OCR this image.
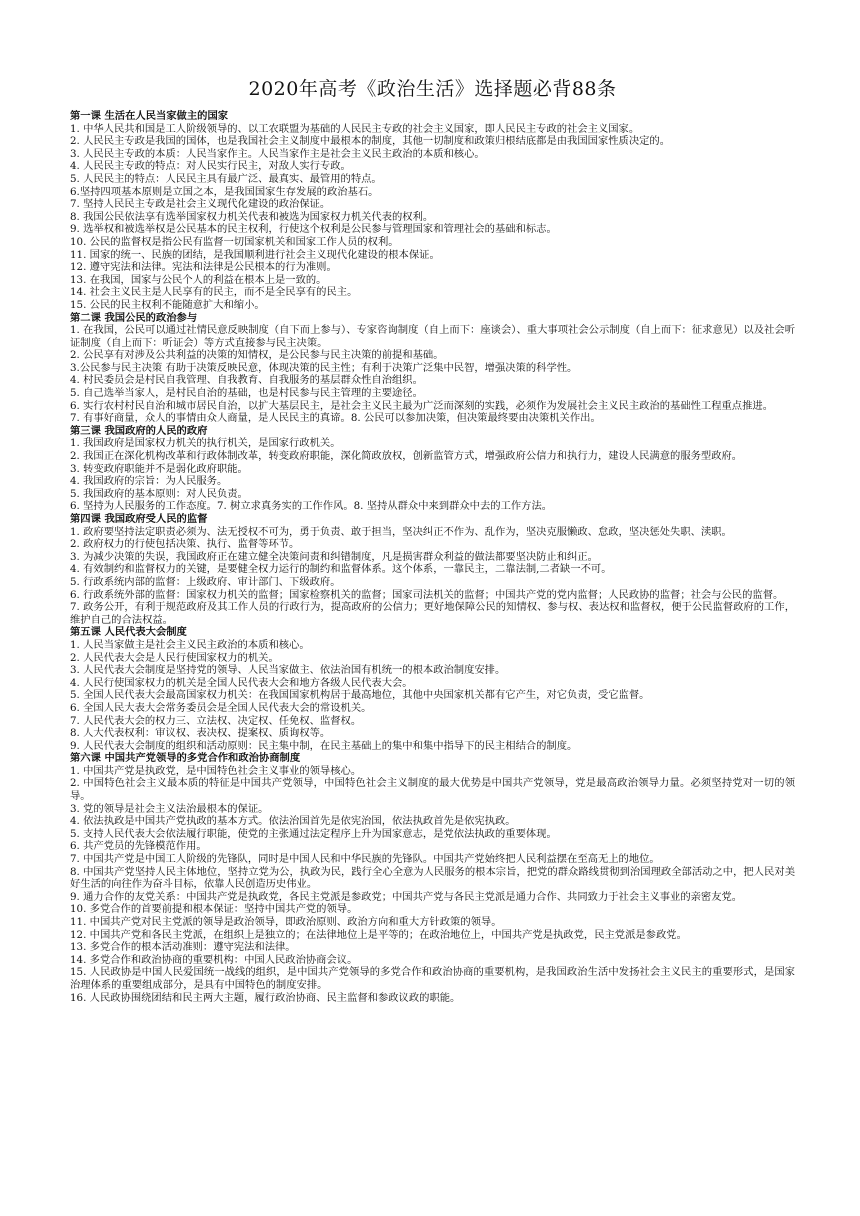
2020年高考《政治生活》选择题必背88条
第一课 生活在人民当家做主的国家
1. 中华人民共和国是工人阶级领导的、以工农联盟为基础的人民民主专政的社会主义国家，即人民民主专政的社会主义国家。
2. 人民民主专政是我国的国体，也是我国社会主义制度中最根本的制度，其他一切制度和政策归根结底都是由我国国家性质决定的。
3. 人民民主专政的本质：人民当家作主。人民当家作主是社会主义民主政治的本质和核心。
4. 人民民主专政的特点：对人民实行民主，对敌人实行专政。
5. 人民民主的特点：人民民主具有最广泛、最真实、最管用的特点。
6.坚持四项基本原则是立国之本，是我国国家生存发展的政治基石。
7. 坚持人民民主专政是社会主义现代化建设的政治保证。
8. 我国公民依法享有选举国家权力机关代表和被选为国家权力机关代表的权利。
9. 选举权和被选举权是公民基本的民主权利，行使这个权利是公民参与管理国家和管理社会的基础和标志。
10. 公民的监督权是指公民有监督一切国家机关和国家工作人员的权利。
11. 国家的统一、民族的团结，是我国顺利进行社会主义现代化建设的根本保证。
12. 遵守宪法和法律。宪法和法律是公民根本的行为准则。
13. 在我国，国家与公民个人的利益在根本上是一致的。
14. 社会主义民主是人民享有的民主，而不是全民享有的民主。
15. 公民的民主权利不能随意扩大和缩小。
第二课 我国公民的政治参与
1. 在我国，公民可以通过社情民意反映制度（自下而上参与）、专家咨询制度（自上而下：座谈会）、重大事项社会公示制度（自上而下：征求意见）以及社会听证制度（自上而下：听证会）等方式直接参与民主决策。
2. 公民享有对涉及公共利益的决策的知情权，是公民参与民主决策的前提和基础。
3.公民参与民主决策 有助于决策反映民意，体现决策的民主性；有利于决策广泛集中民智，增强决策的科学性。
4. 村民委员会是村民自我管理、自我教育、自我服务的基层群众性自治组织。
5. 自己选举当家人，是村民自治的基础，也是村民参与民主管理的主要途径。
6. 实行农村村民自治和城市居民自治，以扩大基层民主，是社会主义民主最为广泛而深刻的实践，必须作为发展社会主义民主政治的基础性工程重点推进。
7. 有事好商量，众人的事情由众人商量，是人民民主的真谛。8. 公民可以参加决策，但决策最终要由决策机关作出。
第三课 我国政府的人民的政府
1. 我国政府是国家权力机关的执行机关，是国家行政机关。
2. 我国正在深化机构改革和行政体制改革，转变政府职能，深化简政放权，创新监管方式，增强政府公信力和执行力，建设人民满意的服务型政府。
3. 转变政府职能并不是弱化政府职能。
4. 我国政府的宗旨：为人民服务。
5. 我国政府的基本原则：对人民负责。
6. 坚持为人民服务的工作态度。7. 树立求真务实的工作作风。8. 坚持从群众中来到群众中去的工作方法。
第四课 我国政府受人民的监督
1. 政府要坚持法定职责必须为、法无授权不可为，勇于负责、敢于担当，坚决纠正不作为、乱作为，坚决克服懒政、怠政，坚决惩处失职、渎职。
2. 政府权力的行使包括决策、执行、监督等环节。
3. 为减少决策的失误，我国政府正在建立健全决策问责和纠错制度，凡是损害群众利益的做法都要坚决防止和纠正。
4. 有效制约和监督权力的关键，是要健全权力运行的制约和监督体系。这个体系，一靠民主，二靠法制,二者缺一不可。
5. 行政系统内部的监督：上级政府、审计部门、下级政府。
6. 行政系统外部的监督：国家权力机关的监督；国家检察机关的监督；国家司法机关的监督；中国共产党的党内监督；人民政协的监督；社会与公民的监督。
7. 政务公开，有利于规范政府及其工作人员的行政行为，提高政府的公信力；更好地保障公民的知情权、参与权、表达权和监督权，便于公民监督政府的工作，维护自己的合法权益。
第五课 人民代表大会制度
1. 人民当家做主是社会主义民主政治的本质和核心。
2. 人民代表大会是人民行使国家权力的机关。
3. 人民代表大会制度是坚持党的领导、人民当家做主、依法治国有机统一的根本政治制度安排。
4. 人民行使国家权力的机关是全国人民代表大会和地方各级人民代表大会。
5. 全国人民代表大会最高国家权力机关：在我国国家机构居于最高地位，其他中央国家机关都有它产生，对它负责，受它监督。
6. 全国人民大表大会常务委员会是全国人民代表大会的常设机关。
7. 人民代表大会的权力三、立法权、决定权、任免权、监督权。
8. 人大代表权利：审议权、表决权、提案权、质询权等。
9. 人民代表大会制度的组织和活动原则：民主集中制，在民主基础上的集中和集中指导下的民主相结合的制度。
第六课 中国共产党领导的多党合作和政治协商制度
1. 中国共产党是执政党，是中国特色社会主义事业的领导核心。
2. 中国特色社会主义最本质的特征是中国共产党领导，中国特色社会主义制度的最大优势是中国共产党领导，党是最高政治领导力量。必须坚持党对一切的领导。
3. 党的领导是社会主义法治最根本的保证。
4. 依法执政是中国共产党执政的基本方式。依法治国首先是依宪治国，依法执政首先是依宪执政。
5. 支持人民代表大会依法履行职能，使党的主张通过法定程序上升为国家意志，是党依法执政的重要体现。
6. 共产党员的先锋模范作用。
7. 中国共产党是中国工人阶级的先锋队，同时是中国人民和中华民族的先锋队。中国共产党始终把人民利益摆在至高无上的地位。
8. 中国共产党坚持人民主体地位，坚持立党为公，执政为民，践行全心全意为人民服务的根本宗旨，把党的群众路线贯彻到治国理政全部活动之中，把人民对美好生活的向往作为奋斗目标，依靠人民创造历史伟业。
9. 通力合作的友党关系：中国共产党是执政党，各民主党派是参政党；中国共产党与各民主党派是通力合作、共同致力于社会主义事业的亲密友党。
10. 多党合作的首要前提和根本保证：坚持中国共产党的领导。
11. 中国共产党对民主党派的领导是政治领导，即政治原则、政治方向和重大方针政策的领导。
12. 中国共产党和各民主党派，在组织上是独立的；在法律地位上是平等的；在政治地位上，中国共产党是执政党，民主党派是参政党。
13. 多党合作的根本活动准则：遵守宪法和法律。
14. 多党合作和政治协商的重要机构：中国人民政治协商会议。
15. 人民政协是中国人民爱国统一战线的组织，是中国共产党领导的多党合作和政治协商的重要机构，是我国政治生活中发扬社会主义民主的重要形式，是国家治理体系的重要组成部分，是具有中国特色的制度安排。
16. 人民政协围绕团结和民主两大主题，履行政治协商、民主监督和参政议政的职能。
